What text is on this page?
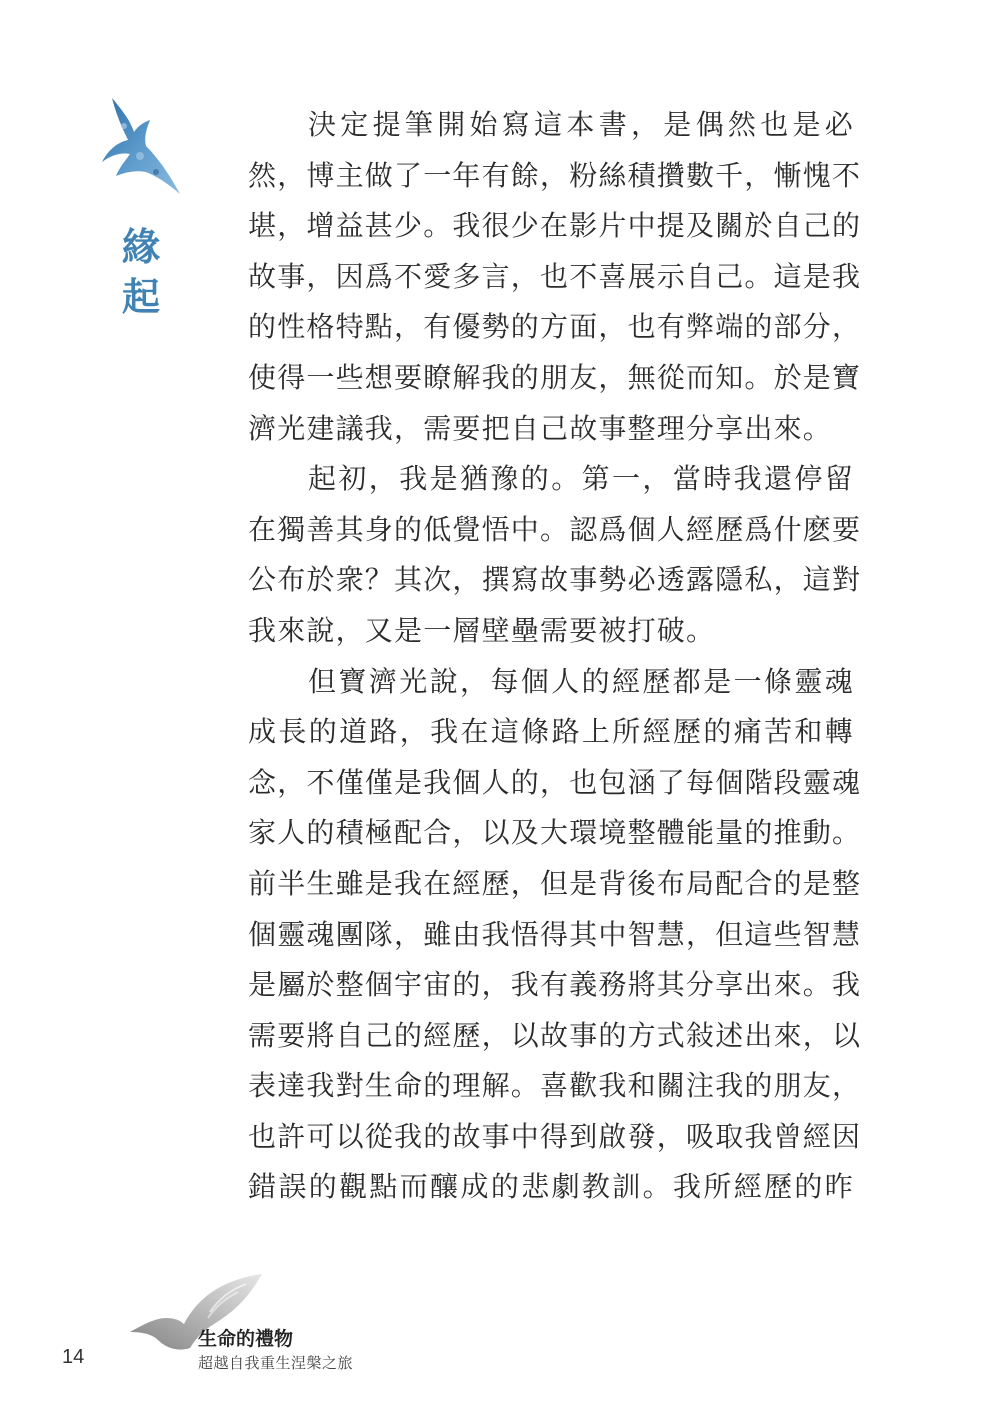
緣
起
決定提筆開始寫這本書，是偶然也是必
然，博主做了一年有餘，粉絲積攢數千，慚愧不
堪，增益甚少。我很少在影片中提及關於自己的
故事，因爲不愛多言，也不喜展示自己。這是我
的性格特點，有優勢的方面，也有弊端的部分，
使得一些想要瞭解我的朋友，無從而知。於是寶
濟光建議我，需要把自己故事整理分享出來。
起初，我是猶豫的。第一，當時我還停留
在獨善其身的低覺悟中。認爲個人經歷爲什麽要
公布於衆？其次，撰寫故事勢必透露隱私，這對
我來說，又是一層壁壘需要被打破。
但寶濟光說，每個人的經歷都是一條靈魂
成長的道路，我在這條路上所經歷的痛苦和轉
念，不僅僅是我個人的，也包涵了每個階段靈魂
家人的積極配合，以及大環境整體能量的推動。
前半生雖是我在經歷，但是背後布局配合的是整
個靈魂團隊，雖由我悟得其中智慧，但這些智慧
是屬於整個宇宙的，我有義務將其分享出來。我
需要將自己的經歷，以故事的方式敍述出來，以
表達我對生命的理解。喜歡我和關注我的朋友，
也許可以從我的故事中得到啟發，吸取我曾經因
錯誤的觀點而釀成的悲劇教訓。我所經歷的昨
14
生命的禮物
超越自我重生涅槃之旅
